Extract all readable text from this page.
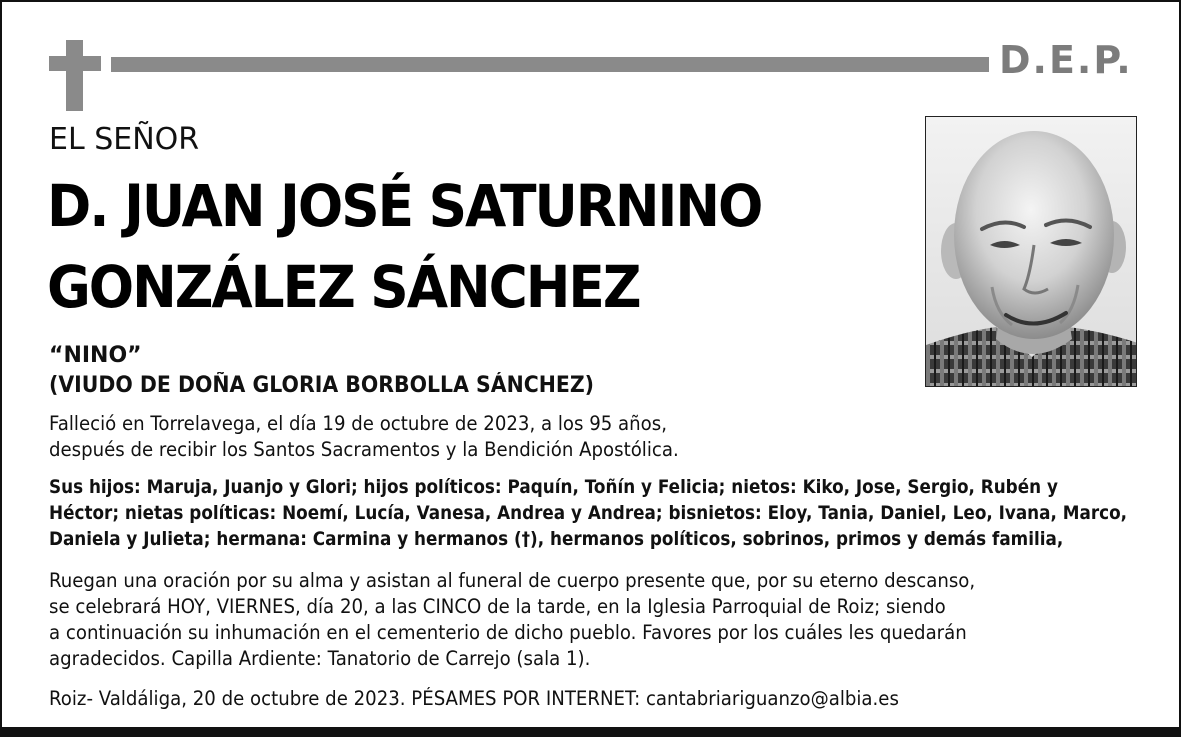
D.E.P.
EL SEÑOR
D. JUAN JOSÉ SATURNINO
GONZÁLEZ SÁNCHEZ
“NINO”
(VIUDO DE DOÑA GLORIA BORBOLLA SÁNCHEZ)
Falleció en Torrelavega, el día 19 de octubre de 2023, a los 95 años,
después de recibir los Santos Sacramentos y la Bendición Apostólica.
Sus hijos: Maruja, Juanjo y Glori; hijos políticos: Paquín, Toñín y Felicia; nietos: Kiko, Jose, Sergio, Rubén y
Héctor; nietas políticas: Noemí, Lucía, Vanesa, Andrea y Andrea; bisnietos: Eloy, Tania, Daniel, Leo, Ivana, Marco,
Daniela y Julieta; hermana: Carmina y hermanos (†), hermanos políticos, sobrinos, primos y demás familia,
Ruegan una oración por su alma y asistan al funeral de cuerpo presente que, por su eterno descanso,
se celebrará HOY, VIERNES, día 20, a las CINCO de la tarde, en la Iglesia Parroquial de Roiz; siendo
a continuación su inhumación en el cementerio de dicho pueblo. Favores por los cuáles les quedarán
agradecidos. Capilla Ardiente: Tanatorio de Carrejo (sala 1).
Roiz- Valdáliga, 20 de octubre de 2023. PÉSAMES POR INTERNET: cantabriariguanzo@albia.es
